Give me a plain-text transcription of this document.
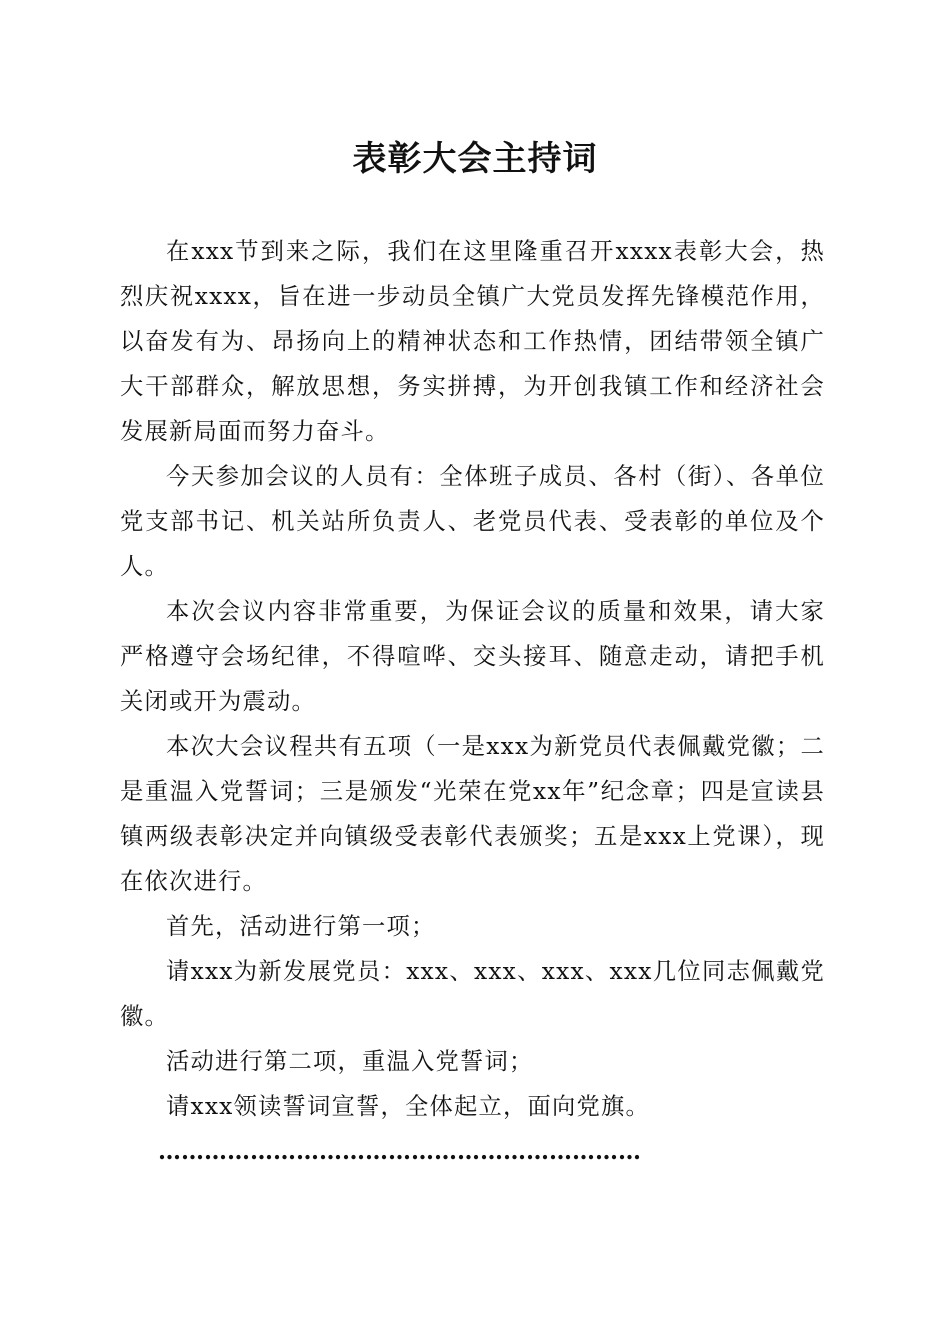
表彰大会主持词

在xxx节到来之际，我们在这里隆重召开xxxx表彰大会，热烈庆祝xxxx，旨在进一步动员全镇广大党员发挥先锋模范作用，以奋发有为、昂扬向上的精神状态和工作热情，团结带领全镇广大干部群众，解放思想，务实拼搏，为开创我镇工作和经济社会发展新局面而努力奋斗。

今天参加会议的人员有：全体班子成员、各村（街）、各单位党支部书记、机关站所负责人、老党员代表、受表彰的单位及个人。

本次会议内容非常重要，为保证会议的质量和效果，请大家严格遵守会场纪律，不得喧哗、交头接耳、随意走动，请把手机关闭或开为震动。

本次大会议程共有五项（一是xxx为新党员代表佩戴党徽；二是重温入党誓词；三是颁发“光荣在党xx年”纪念章；四是宣读县镇两级表彰决定并向镇级受表彰代表颁奖；五是xxx上党课），现在依次进行。

首先，活动进行第一项；

请xxx为新发展党员：xxx、xxx、xxx、xxx几位同志佩戴党徽。

活动进行第二项，重温入党誓词；

请xxx领读誓词宣誓，全体起立，面向党旗。

………………………………………………………
